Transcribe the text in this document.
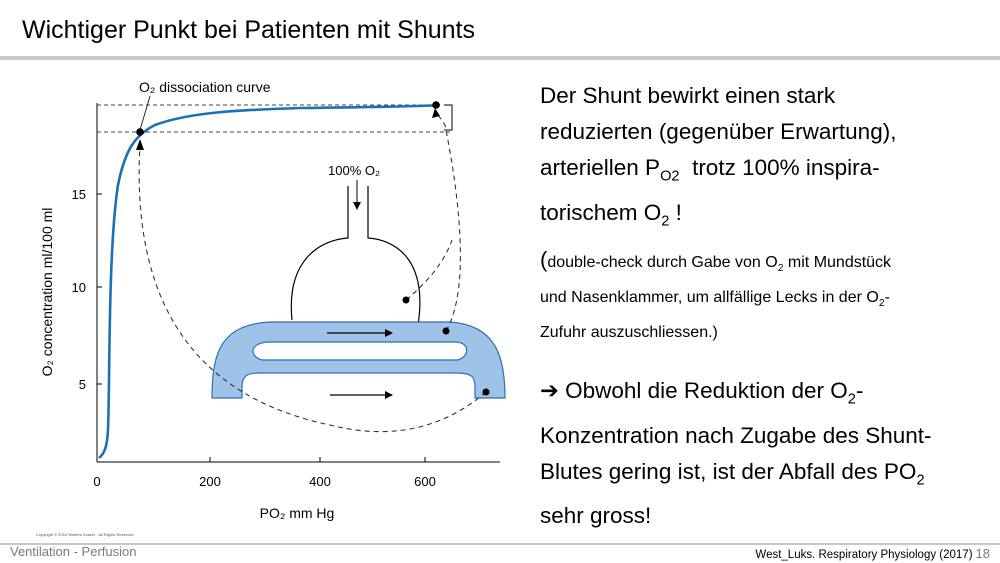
Wichtiger Punkt bei Patienten mit Shunts
5
10
15
0	200	400	600
PO₂ mm Hg
O₂ concentration ml/100 ml
O₂ dissociation curve
100% O₂
Copyright © 2016 Wolters Kluwer · All Rights Reserved

Der Shunt bewirkt einen stark

reduzierten (gegenüber Erwartung),

arteriellen $P_{O2}$  trotz 100% inspira-

torischem $O_2$ !

(double-check durch Gabe von $O_2$ mit Mundstück

und Nasenklammer, um allfällige Lecks in der $O_2-$

Zufuhr auszuschliessen.)

➔ Obwohl die Reduktion der $O_2-$

Konzentration nach Zugabe des Shunt-

Blutes gering ist, ist der Abfall des $PO_2$

sehr gross!

Ventilation - Perfusion	West_Luks. Respiratory Physiology (2017) 18
